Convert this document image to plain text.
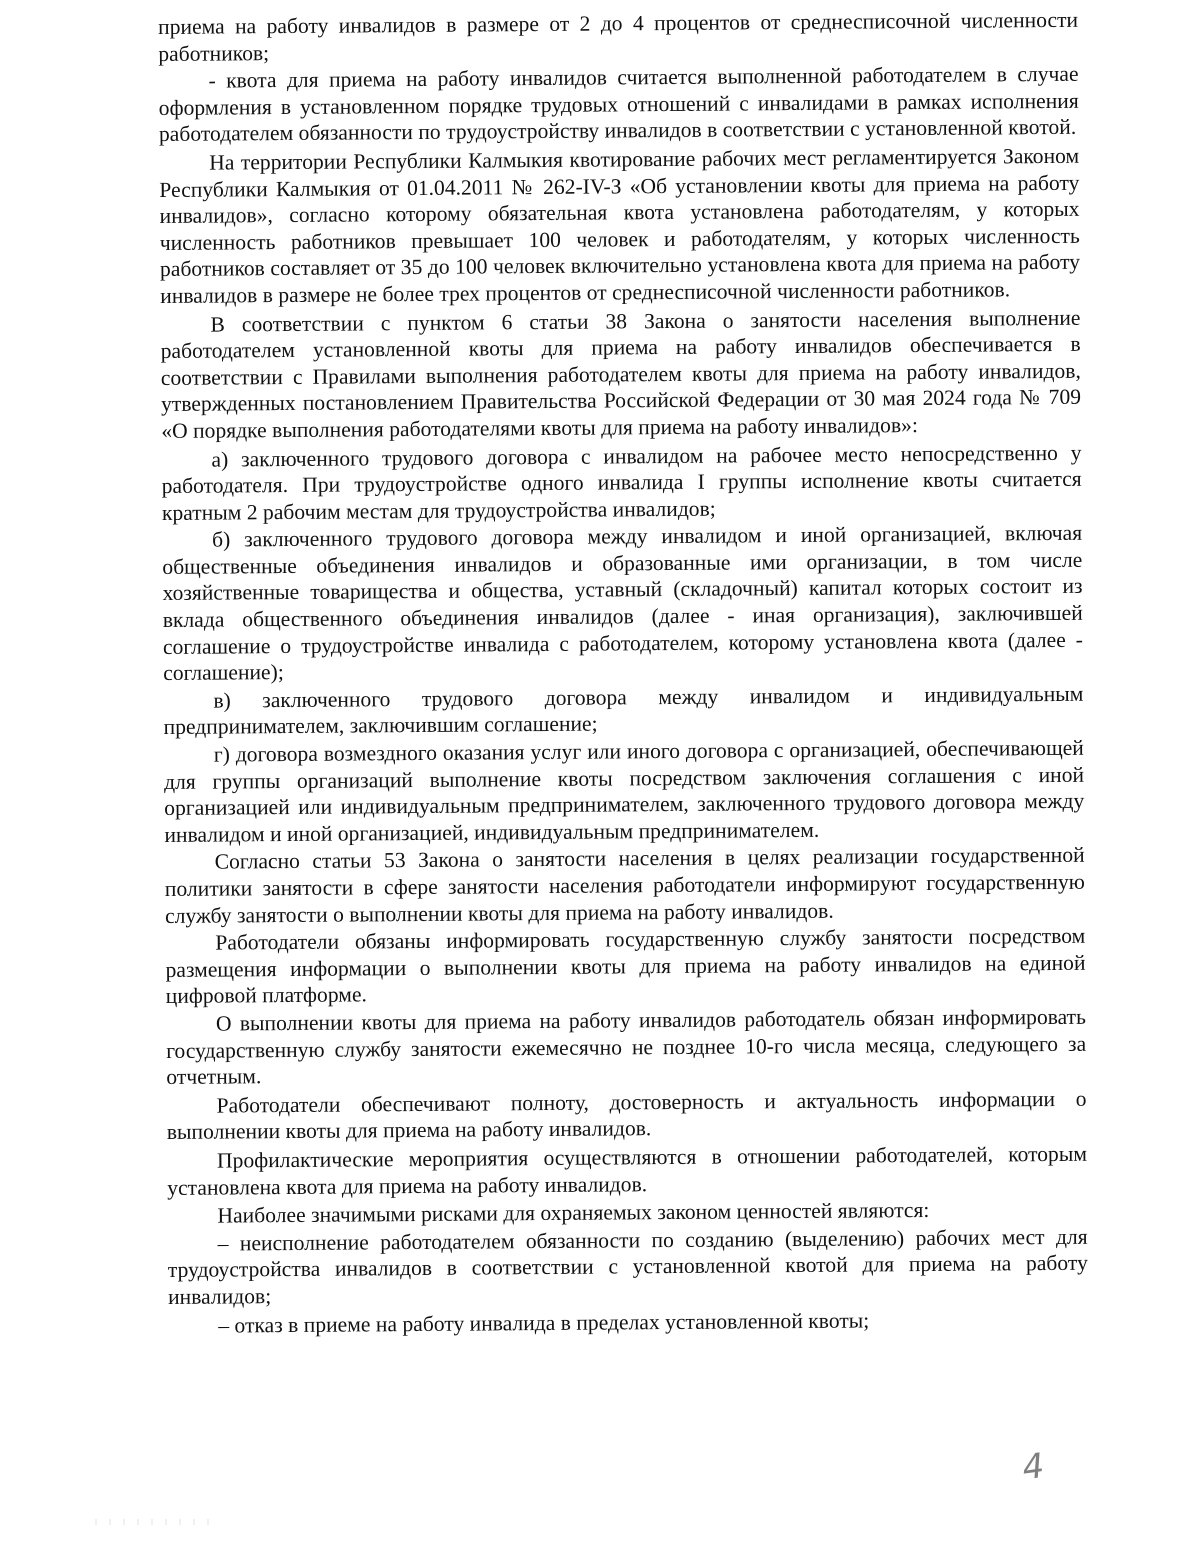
приема на работу инвалидов в размере от 2 до 4 процентов от среднесписочной численности работников;

- квота для приема на работу инвалидов считается выполненной работодателем в случае оформления в установленном порядке трудовых отношений с инвалидами в рамках исполнения работодателем обязанности по трудоустройству инвалидов в соответствии с установленной квотой.

На территории Республики Калмыкия квотирование рабочих мест регламентируется Законом Республики Калмыкия от 01.04.2011 № 262-IV-З «Об установлении квоты для приема на работу инвалидов», согласно которому обязательная квота установлена работодателям, у которых численность работников превышает 100 человек и работодателям, у которых численность работников составляет от 35 до 100 человек включительно установлена квота для приема на работу инвалидов в размере не более трех процентов от среднесписочной численности работников.

В соответствии с пунктом 6 статьи 38 Закона о занятости населения выполнение работодателем установленной квоты для приема на работу инвалидов обеспечивается в соответствии с Правилами выполнения работодателем квоты для приема на работу инвалидов, утвержденных постановлением Правительства Российской Федерации от 30 мая 2024 года № 709 «О порядке выполнения работодателями квоты для приема на работу инвалидов»:

а) заключенного трудового договора с инвалидом на рабочее место непосредственно у работодателя. При трудоустройстве одного инвалида I группы исполнение квоты считается кратным 2 рабочим местам для трудоустройства инвалидов;

б) заключенного трудового договора между инвалидом и иной организацией, включая общественные объединения инвалидов и образованные ими организации, в том числе хозяйственные товарищества и общества, уставный (складочный) капитал которых состоит из вклада общественного объединения инвалидов (далее - иная организация), заключившей соглашение о трудоустройстве инвалида с работодателем, которому установлена квота (далее - соглашение);

в) заключенного трудового договора между инвалидом и индивидуальным предпринимателем, заключившим соглашение;

г) договора возмездного оказания услуг или иного договора с организацией, обеспечивающей для группы организаций выполнение квоты посредством заключения соглашения с иной организацией или индивидуальным предпринимателем, заключенного трудового договора между инвалидом и иной организацией, индивидуальным предпринимателем.

Согласно статьи 53 Закона о занятости населения в целях реализации государственной политики занятости в сфере занятости населения работодатели информируют государственную службу занятости о выполнении квоты для приема на работу инвалидов.

Работодатели обязаны информировать государственную службу занятости посредством размещения информации о выполнении квоты для приема на работу инвалидов на единой цифровой платформе.

О выполнении квоты для приема на работу инвалидов работодатель обязан информировать государственную службу занятости ежемесячно не позднее 10-го числа месяца, следующего за отчетным.

Работодатели обеспечивают полноту, достоверность и актуальность информации о выполнении квоты для приема на работу инвалидов.

Профилактические мероприятия осуществляются в отношении работодателей, которым установлена квота для приема на работу инвалидов.

Наиболее значимыми рисками для охраняемых законом ценностей являются:

– неисполнение работодателем обязанности по созданию (выделению) рабочих мест для трудоустройства инвалидов в соответствии с установленной квотой для приема на работу инвалидов;

– отказ в приеме на работу инвалида в пределах установленной квоты;

4
